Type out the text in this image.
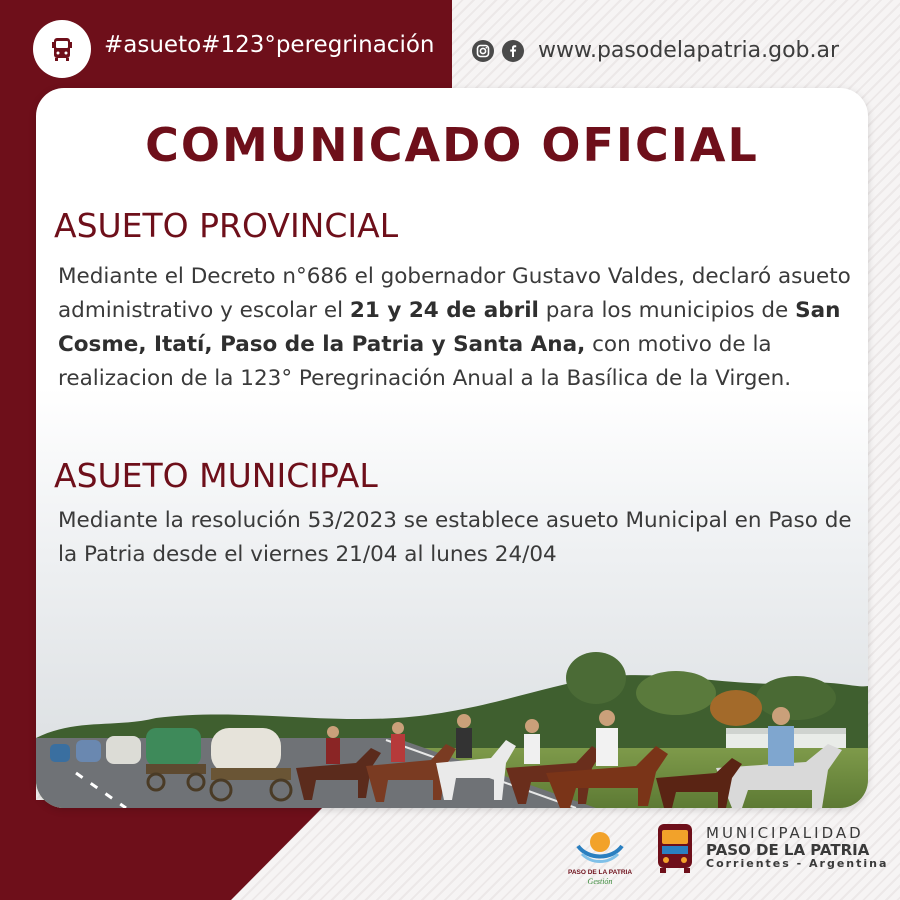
#asueto#123°peregrinación	www.pasodelapatria.gob.ar
COMUNICADO OFICIAL
ASUETO PROVINCIAL
Mediante el Decreto n°686 el gobernador Gustavo Valdes, declaró asueto administrativo y escolar el 21 y 24 de abril para los municipios de San Cosme, Itatí, Paso de la Patria y Santa Ana, con motivo de la realizacion de la 123° Peregrinación Anual a la Basílica de la Virgen.
ASUETO MUNICIPAL
Mediante la resolución 53/2023 se establece asueto Municipal en Paso de la Patria desde el viernes 21/04 al lunes 24/04
PASO DE LA PATRIA
Gestión
MUNICIPALIDAD
PASO DE LA PATRIA
Corrientes - Argentina
